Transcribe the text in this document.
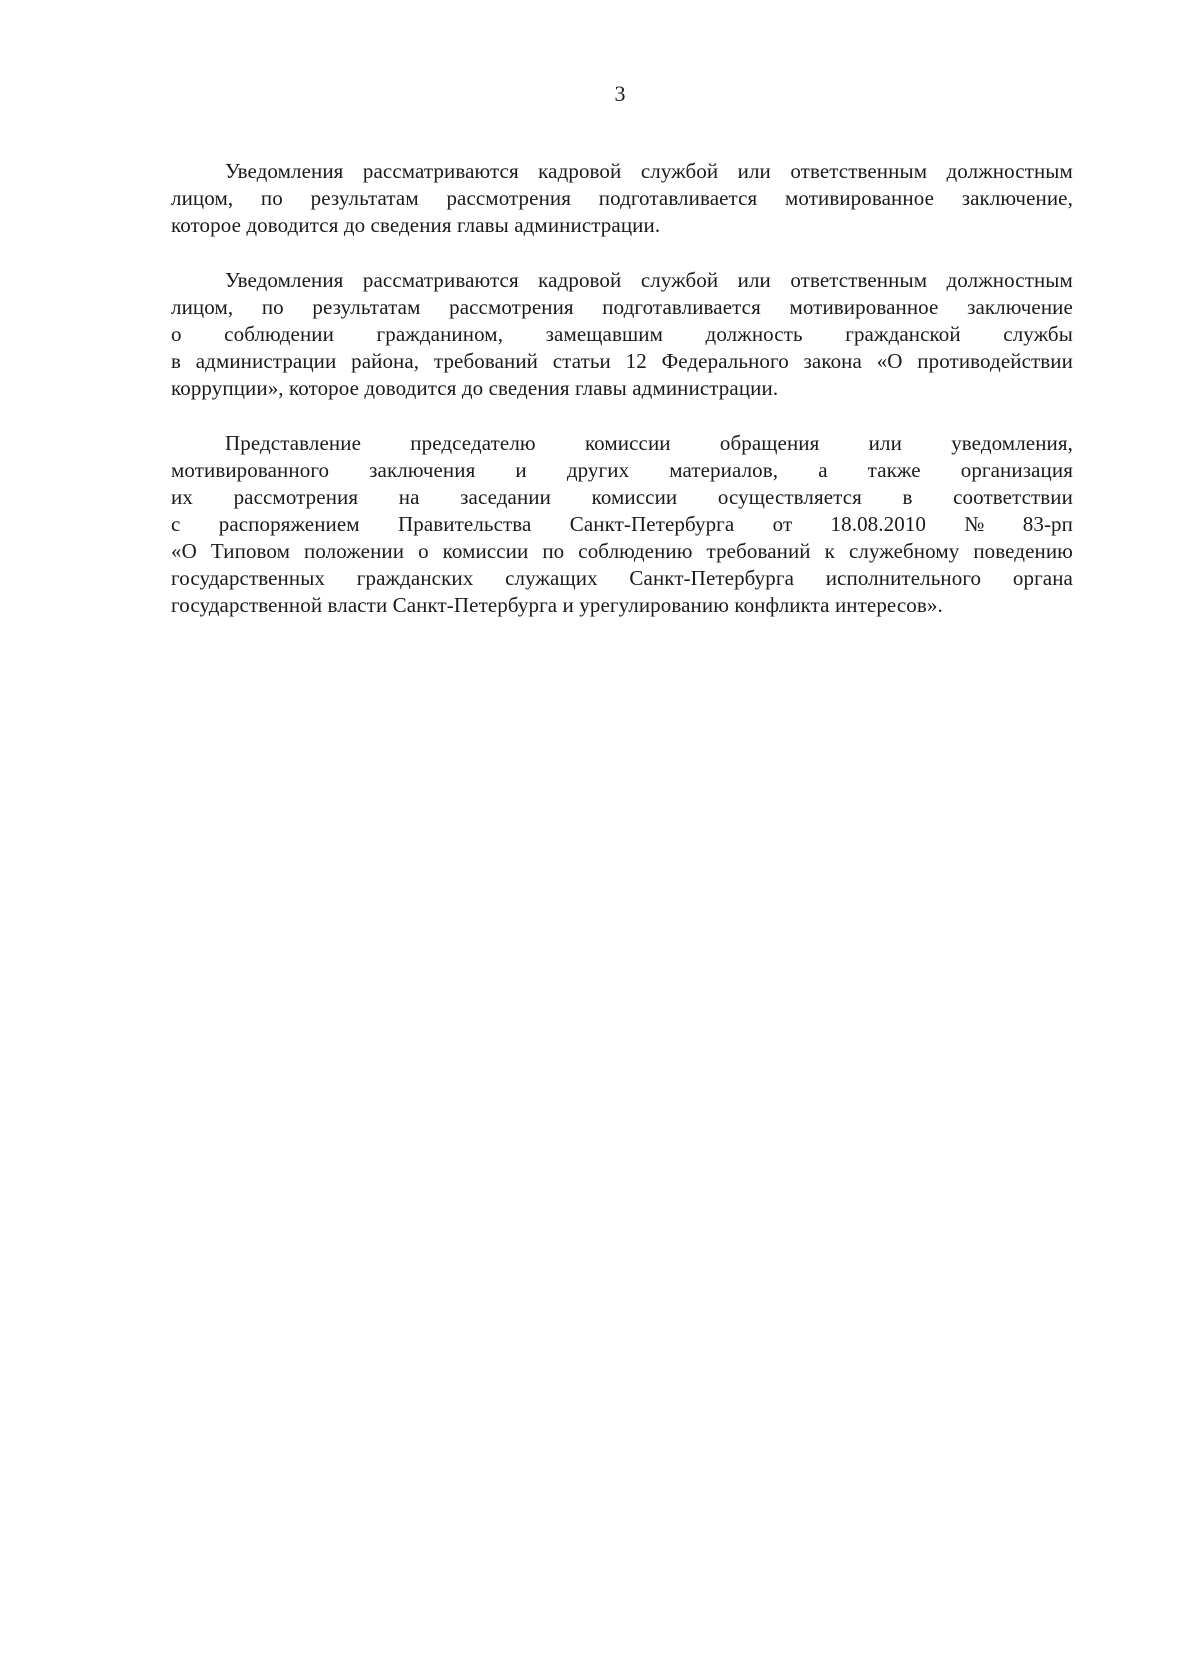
3

Уведомления рассматриваются кадровой службой или ответственным должностным
лицом, по результатам рассмотрения подготавливается мотивированное заключение,
которое доводится до сведения главы администрации.

Уведомления рассматриваются кадровой службой или ответственным должностным
лицом, по результатам рассмотрения подготавливается мотивированное заключение
о соблюдении гражданином, замещавшим должность гражданской службы
в администрации района, требований статьи 12 Федерального закона «О противодействии
коррупции», которое доводится до сведения главы администрации.

Представление председателю комиссии обращения или уведомления,
мотивированного заключения и других материалов, а также организация
их рассмотрения на заседании комиссии осуществляется в соответствии
с распоряжением Правительства Санкт-Петербурга от 18.08.2010 № 83-рп
«О Типовом положении о комиссии по соблюдению требований к служебному поведению
государственных гражданских служащих Санкт-Петербурга исполнительного органа
государственной власти Санкт-Петербурга и урегулированию конфликта интересов».
